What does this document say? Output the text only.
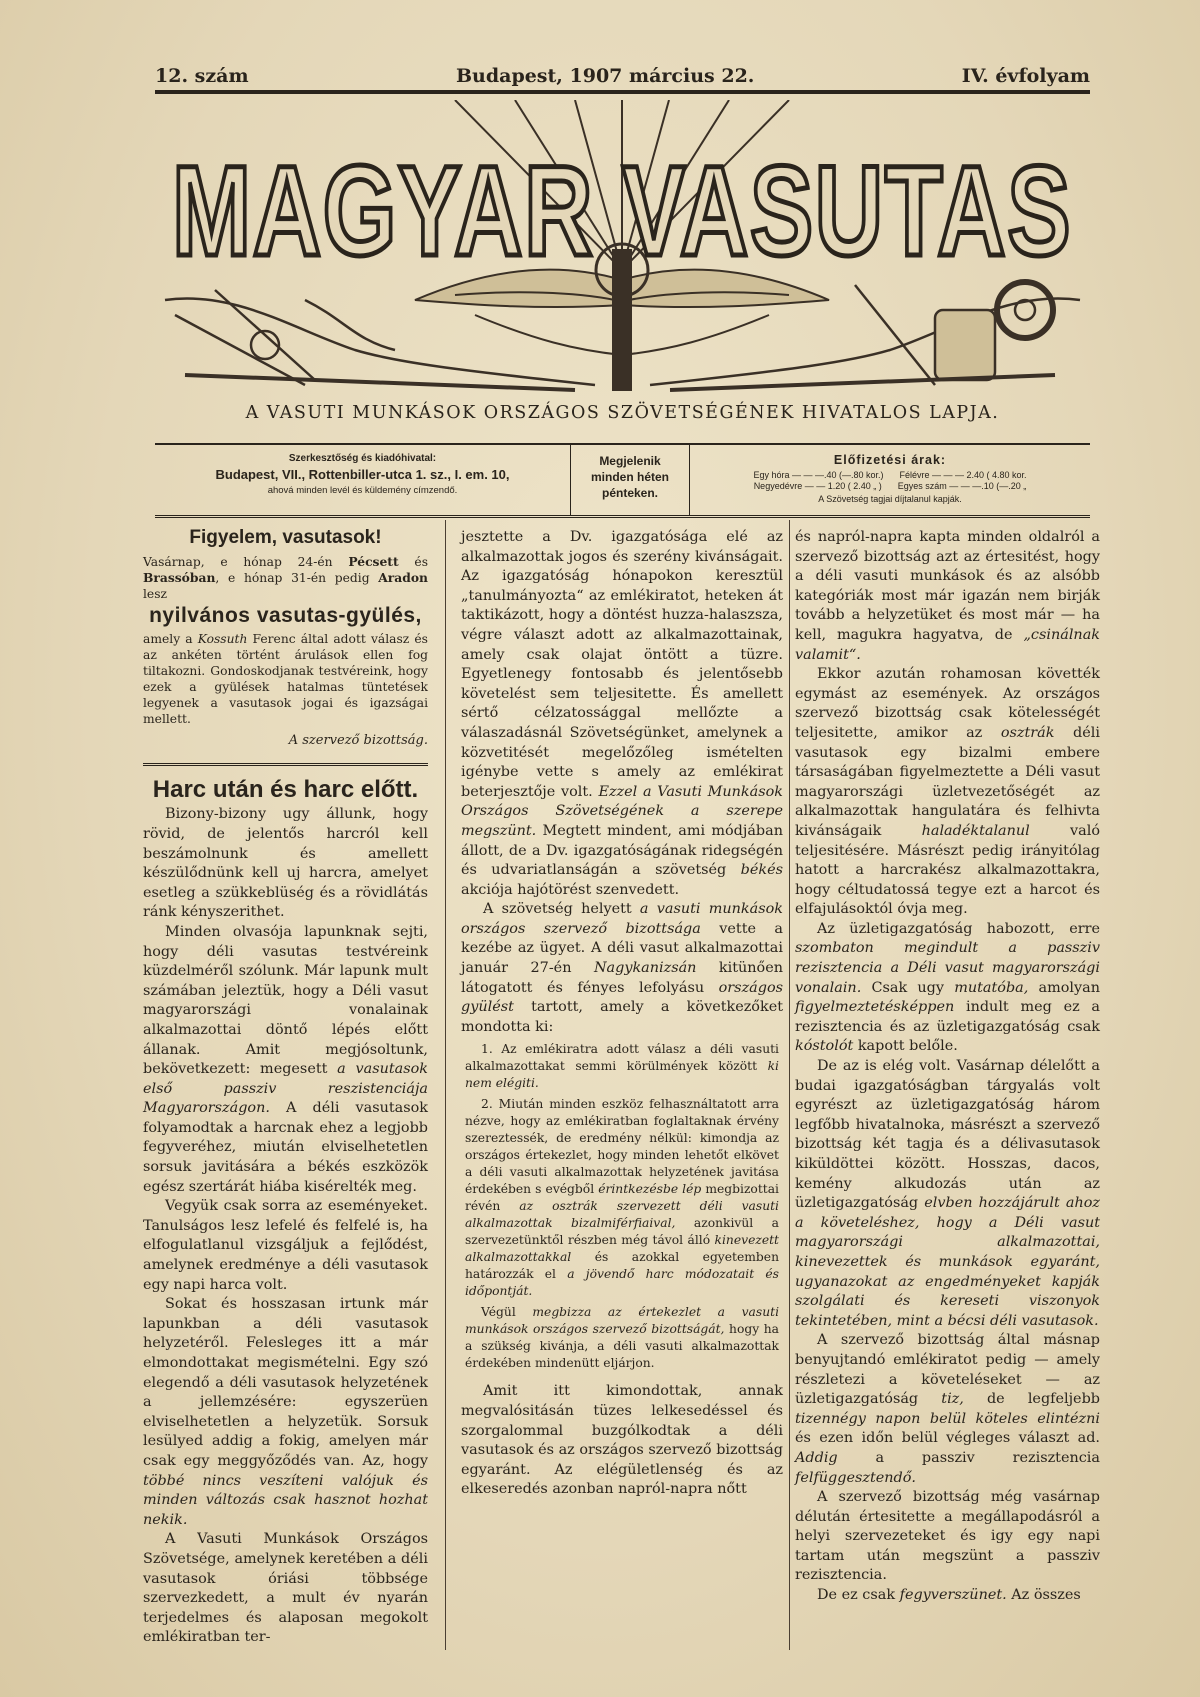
12. szám	Budapest, 1907 március 22.	IV. évfolyam
MAGYAR VASUTAS
A VASUTI MUNKÁSOK ORSZÁGOS SZÖVETSÉGÉNEK HIVATALOS LAPJA.
Szerkesztőség és kiadóhivatal:
Budapest, VII., Rottenbiller-utca 1. sz., I. em. 10,
ahová minden levél és küldemény címzendő.
Megjelenik
minden héten
pénteken.
Előfizetési árak:
Egy hóra — — —.40 (—.80 kor.) Félévre — — — 2.40 ( 4.80 kor.
Negyedévre — — 1.20 ( 2.40 „ ) Egyes szám — — —.10 (—.20 „
A Szövetség tagjai díjtalanul kapják.
Figyelem, vasutasok!
Vasárnap, e hónap 24-én Pécsett és Brassóban, e hónap 31-én pedig Aradon lesz
nyilvános vasutas-gyülés,
amely a Kossuth Ferenc által adott válasz és az ankéten történt árulások ellen fog tiltakozni. Gondoskodjanak testvéreink, hogy ezek a gyülések hatalmas tüntetések legyenek a vasutasok jogai és igazságai mellett.
A szervező bizottság.
Harc után és harc előtt.

Bizony-bizony ugy állunk, hogy rövid, de jelentős harcról kell beszámolnunk és amellett készülődnünk kell uj harcra, amelyet esetleg a szükkeblüség és a rövidlátás ránk kényszerithet.

Minden olvasója lapunknak sejti, hogy déli vasutas testvéreink küzdelméről szólunk. Már lapunk mult számában jeleztük, hogy a Déli vasut magyarországi vonalainak alkalmazottai döntő lépés előtt állanak. Amit megjósoltunk, bekövetkezett: megesett a vasutasok első passziv reszistenciája Magyarországon. A déli vasutasok folyamodtak a harcnak ehez a legjobb fegyveréhez, miután elviselhetetlen sorsuk javitására a békés eszközök egész szertárát hiába kisérelték meg.

Vegyük csak sorra az eseményeket. Tanulságos lesz lefelé és felfelé is, ha elfogulatlanul vizsgáljuk a fejlődést, amelynek eredménye a déli vasutasok egy napi harca volt.

Sokat és hosszasan irtunk már lapunkban a déli vasutasok helyzetéről. Felesleges itt a már elmondottakat megismételni. Egy szó elegendő a déli vasutasok helyzetének a jellemzésére: egyszerüen elviselhetetlen a helyzetük. Sorsuk lesülyed addig a fokig, amelyen már csak egy meggyőződés van. Az, hogy többé nincs veszíteni valójuk és minden változás csak hasznot hozhat nekik.

A Vasuti Munkások Országos Szövetsége, amelynek keretében a déli vasutasok óriási többsége szervezkedett, a mult év nyarán terjedelmes és alaposan megokolt emlékiratban ter-

jesztette a Dv. igazgatósága elé az alkalmazottak jogos és szerény kivánságait. Az igazgatóság hónapokon keresztül „tanulmányozta“ az emlékiratot, heteken át taktikázott, hogy a döntést huzza-halaszsza, végre választ adott az alkalmazottainak, amely csak olajat öntött a tüzre. Egyetlenegy fontosabb és jelentősebb követelést sem teljesitette. És amellett sértő célzatossággal mellőzte a válaszadásnál Szövetségünket, amelynek a közvetitését megelőzőleg ismételten igénybe vette s amely az emlékirat beterjesztője volt. Ezzel a Vasuti Munkások Országos Szövetségének a szerepe megszünt. Megtett mindent, ami módjában állott, de a Dv. igazgatóságának ridegségén és udvariatlanságán a szövetség békés akciója hajótörést szenvedett.

A szövetség helyett a vasuti munkások országos szervező bizottsága vette a kezébe az ügyet. A déli vasut alkalmazottai január 27-én Nagykanizsán kitünően látogatott és fényes lefolyásu országos gyülést tartott, amely a következőket mondotta ki:

1. Az emlékiratra adott válasz a déli vasuti alkalmazottakat semmi körülmények között ki nem elégiti.

2. Miután minden eszköz felhasználtatott arra nézve, hogy az emlékiratban foglaltaknak érvény szereztessék, de eredmény nélkül: kimondja az országos értekezlet, hogy minden lehetőt elkövet a déli vasuti alkalmazottak helyzetének javitása érdekében s evégből érintkezésbe lép megbizottai révén az osztrák szervezett déli vasuti alkalmazottak bizalmiférfiaival, azonkivül a szervezetünktől részben még távol álló kinevezett alkalmazottakkal és azokkal egyetemben határozzák el a jövendő harc módozatait és időpontját.

Végül megbizza az értekezlet a vasuti munkások országos szervező bizottságát, hogy ha a szükség kivánja, a déli vasuti alkalmazottak érdekében mindenütt eljárjon.

Amit itt kimondottak, annak megvalósitásán tüzes lelkesedéssel és szorgalommal buzgólkodtak a déli vasutasok és az országos szervező bizottság egyaránt. Az elégületlenség és az elkeseredés azonban napról-napra nőtt

és napról-napra kapta minden oldalról a szervező bizottság azt az értesitést, hogy a déli vasuti munkások és az alsóbb kategóriák most már igazán nem birják tovább a helyzetüket és most már — ha kell, magukra hagyatva, de „csinálnak valamit“.

Ekkor azután rohamosan követték egymást az események. Az országos szervező bizottság csak kötelességét teljesitette, amikor az osztrák déli vasutasok egy bizalmi embere társaságában figyelmeztette a Déli vasut magyarországi üzletvezetőségét az alkalmazottak hangulatára és felhivta kivánságaik haladéktalanul való teljesitésére. Másrészt pedig irányitólag hatott a harcrakész alkalmazottakra, hogy céltudatossá tegye ezt a harcot és elfajulásoktól óvja meg.

Az üzletigazgatóság habozott, erre szombaton megindult a passziv rezisztencia a Déli vasut magyarországi vonalain. Csak ugy mutatóba, amolyan figyelmeztetésképpen indult meg ez a rezisztencia és az üzletigazgatóság csak kóstolót kapott belőle.

De az is elég volt. Vasárnap délelőtt a budai igazgatóságban tárgyalás volt egyrészt az üzletigazgatóság három legfőbb hivatalnoka, másrészt a szervező bizottság két tagja és a délivasutasok kiküldöttei között. Hosszas, dacos, kemény alkudozás után az üzletigazgatóság elvben hozzájárult ahoz a követeléshez, hogy a Déli vasut magyarországi alkalmazottai, kinevezettek és munkások egyaránt, ugyanazokat az engedményeket kapják szolgálati és kereseti viszonyok tekintetében, mint a bécsi déli vasutasok.

A szervező bizottság által másnap benyujtandó emlékiratot pedig — amely részletezi a követeléseket — az üzletigazgatóság tiz, de legfeljebb tizennégy napon belül köteles elintézni és ezen időn belül végleges választ ad. Addig a passziv rezisztencia felfüggesztendő.

A szervező bizottság még vasárnap délután értesitette a megállapodásról a helyi szervezeteket és igy egy napi tartam után megszünt a passziv rezisztencia.

De ez csak fegyverszünet. Az összes
